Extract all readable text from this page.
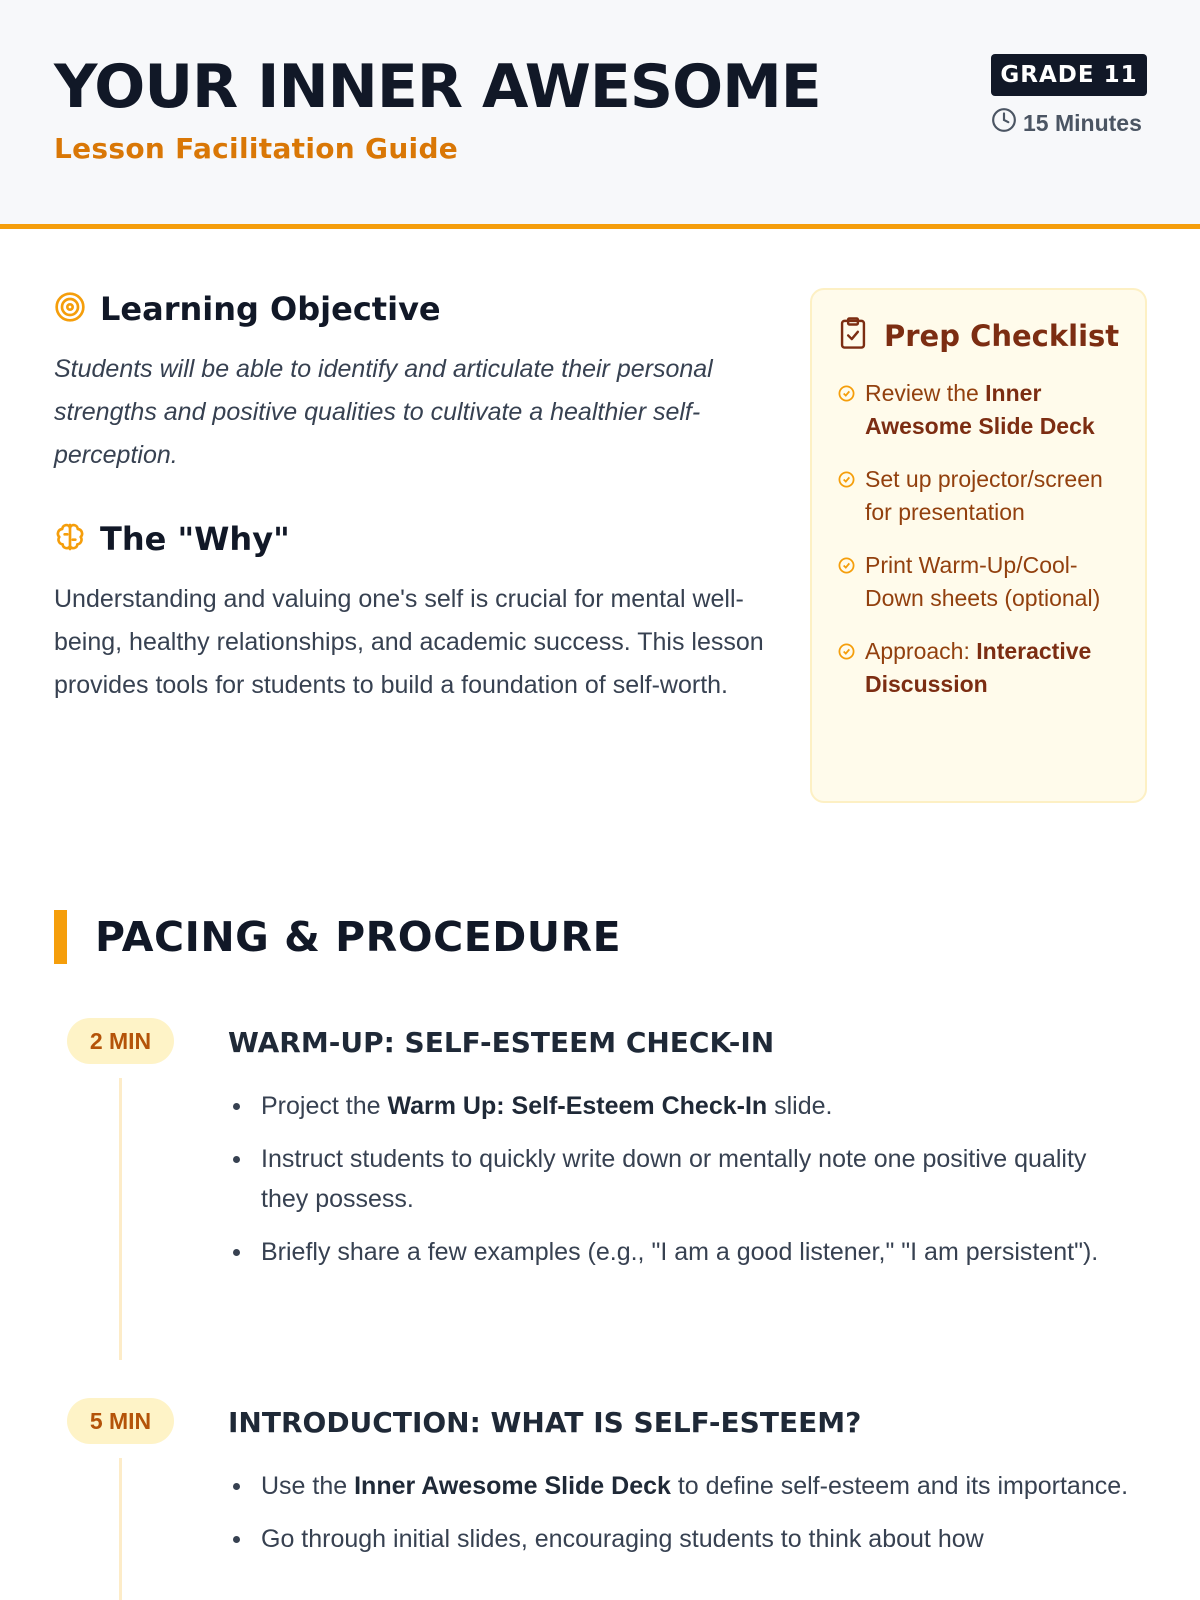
YOUR INNER AWESOME
Lesson Facilitation Guide
GRADE 11
15 Minutes
Learning Objective

Students will be able to identify and articulate their personal strengths and positive qualities to cultivate a healthier self-perception.

The "Why"

Understanding and valuing one's self is crucial for mental well-being, healthy relationships, and academic success. This lesson provides tools for students to build a foundation of self-worth.

Prep Checklist
Review the Inner Awesome Slide Deck
Set up projector/screen for presentation
Print Warm-Up/Cool-Down sheets (optional)
Approach: Interactive Discussion
PACING & PROCEDURE
2 MIN	WARM-UP: SELF-ESTEEM CHECK-IN
Project the Warm Up: Self-Esteem Check-In slide.
Instruct students to quickly write down or mentally note one positive quality they possess.
Briefly share a few examples (e.g., "I am a good listener," "I am persistent").
5 MIN	INTRODUCTION: WHAT IS SELF-ESTEEM?
Use the Inner Awesome Slide Deck to define self-esteem and its importance.
Go through initial slides, encouraging students to think about how
